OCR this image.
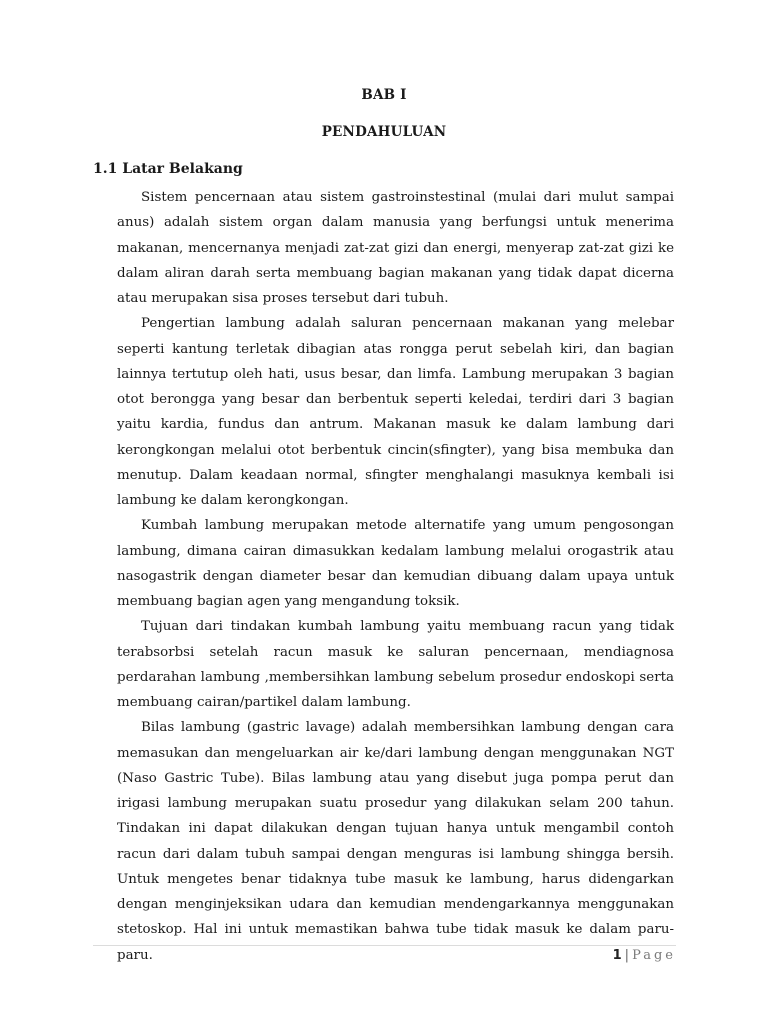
BAB I
PENDAHULUAN
1.1 Latar Belakang

Sistem pencernaan atau sistem gastroinstestinal (mulai dari mulut sampai anus) adalah sistem organ dalam manusia yang berfungsi untuk menerima makanan, mencernanya menjadi zat-zat gizi dan energi, menyerap zat-zat gizi ke dalam aliran darah serta membuang bagian makanan yang tidak dapat dicerna atau merupakan sisa proses tersebut dari tubuh.

Pengertian lambung adalah saluran pencernaan makanan yang melebar seperti kantung terletak dibagian atas rongga perut sebelah kiri, dan bagian lainnya tertutup oleh hati, usus besar, dan limfa. Lambung merupakan 3 bagian otot berongga yang besar dan berbentuk seperti keledai, terdiri dari 3 bagian yaitu kardia, fundus dan antrum. Makanan masuk ke dalam lambung dari kerongkongan melalui otot berbentuk cincin(sfingter), yang bisa membuka dan menutup. Dalam keadaan normal, sfingter menghalangi masuknya kembali isi lambung ke dalam kerongkongan.

Kumbah lambung merupakan metode alternatife yang umum pengosongan lambung, dimana cairan dimasukkan kedalam lambung melalui orogastrik atau nasogastrik dengan diameter besar dan kemudian dibuang dalam upaya untuk membuang bagian agen yang mengandung toksik.

Tujuan dari tindakan kumbah lambung yaitu membuang racun yang tidak terabsorbsi setelah racun masuk ke saluran pencernaan, mendiagnosa perdarahan lambung ,membersihkan lambung sebelum prosedur endoskopi serta membuang cairan/partikel dalam lambung.

Bilas lambung (gastric lavage) adalah membersihkan lambung dengan cara memasukan dan mengeluarkan air ke/dari lambung dengan menggunakan NGT (Naso Gastric Tube). Bilas lambung atau yang disebut juga pompa perut dan irigasi lambung merupakan suatu prosedur yang dilakukan selam 200 tahun. Tindakan ini dapat dilakukan dengan tujuan hanya untuk mengambil contoh racun dari dalam tubuh sampai dengan menguras isi lambung shingga bersih. Untuk mengetes benar tidaknya tube masuk ke lambung, harus didengarkan dengan menginjeksikan udara dan kemudian mendengarkannya menggunakan stetoskop. Hal ini untuk memastikan bahwa tube tidak masuk ke dalam paru-paru.	1 | Page
